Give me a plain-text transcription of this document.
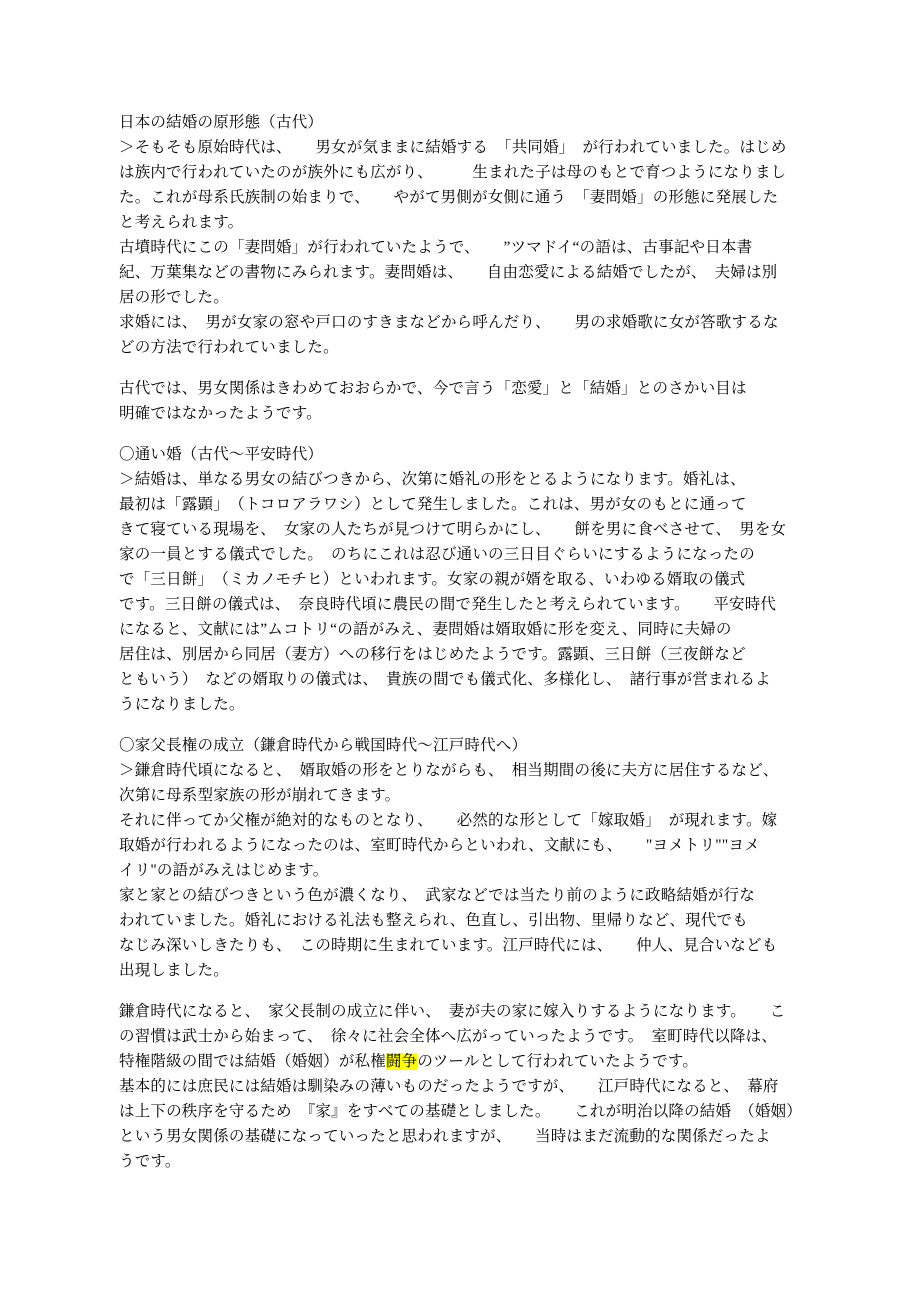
日本の結婚の原形態（古代）
＞そもそも原始時代は、　　男女が気ままに結婚する　「共同婚」　が行われていました。はじめ
は族内で行われていたのが族外にも広がり、　　　生まれた子は母のもとで育つようになりまし
た。これが母系氏族制の始まりで、　　やがて男側が女側に通う　「妻問婚」の形態に発展した
と考えられます。
古墳時代にこの「妻問婚」が行われていたようで、　　”ツマドイ“の語は、古事記や日本書
紀、万葉集などの書物にみられます。妻問婚は、　　自由恋愛による結婚でしたが、　夫婦は別
居の形でした。
求婚には、　男が女家の窓や戸口のすきまなどから呼んだり、　　男の求婚歌に女が答歌するな
どの方法で行われていました。
古代では、男女関係はきわめておおらかで、今で言う「恋愛」と「結婚」とのさかい目は
明確ではなかったようです。
〇通い婚（古代～平安時代）
＞結婚は、単なる男女の結びつきから、次第に婚礼の形をとるようになります。婚礼は、
最初は「露顕」　（トコロアラワシ）として発生しました。これは、男が女のもとに通って
きて寝ている現場を、　女家の人たちが見つけて明らかにし、　　餅を男に食べさせて、　男を女
家の一員とする儀式でした。　のちにこれは忍び通いの三日目ぐらいにするようになったの
で「三日餅」　（ミカノモチヒ）といわれます。女家の親が婿を取る、いわゆる婿取の儀式
です。三日餅の儀式は、　奈良時代頃に農民の間で発生したと考えられています。　　平安時代
になると、文献には”ムコトリ“の語がみえ、妻問婚は婿取婚に形を変え、同時に夫婦の
居住は、別居から同居（妻方）への移行をはじめたようです。露顕、三日餅（三夜餅など
ともいう）　などの婿取りの儀式は、　貴族の間でも儀式化、多様化し、　諸行事が営まれるよ
うになりました。
〇家父長権の成立（鎌倉時代から戦国時代～江戸時代へ）
＞鎌倉時代頃になると、　婿取婚の形をとりながらも、　相当期間の後に夫方に居住するなど、
次第に母系型家族の形が崩れてきます。
それに伴ってか父権が絶対的なものとなり、　　必然的な形として「嫁取婚」　が現れます。嫁
取婚が行われるようになったのは、室町時代からといわれ、文献にも、　　"ヨメトリ""ヨメ
イリ"の語がみえはじめます。
家と家との結びつきという色が濃くなり、　武家などでは当たり前のように政略結婚が行な
われていました。婚礼における礼法も整えられ、色直し、引出物、里帰りなど、現代でも
なじみ深いしきたりも、　この時期に生まれています。江戸時代には、　　仲人、見合いなども
出現しました。
鎌倉時代になると、　家父長制の成立に伴い、　妻が夫の家に嫁入りするようになります。　　こ
の習慣は武士から始まって、　徐々に社会全体へ広がっていったようです。　室町時代以降は、
特権階級の間では結婚（婚姻）が私権闘争のツールとして行われていたようです。
基本的には庶民には結婚は馴染みの薄いものだったようですが、　　江戸時代になると、　幕府
は上下の秩序を守るため　『家』をすべての基礎としました。　　これが明治以降の結婚　（婚姻）
という男女関係の基礎になっていったと思われますが、　　当時はまだ流動的な関係だったよ
うです。
